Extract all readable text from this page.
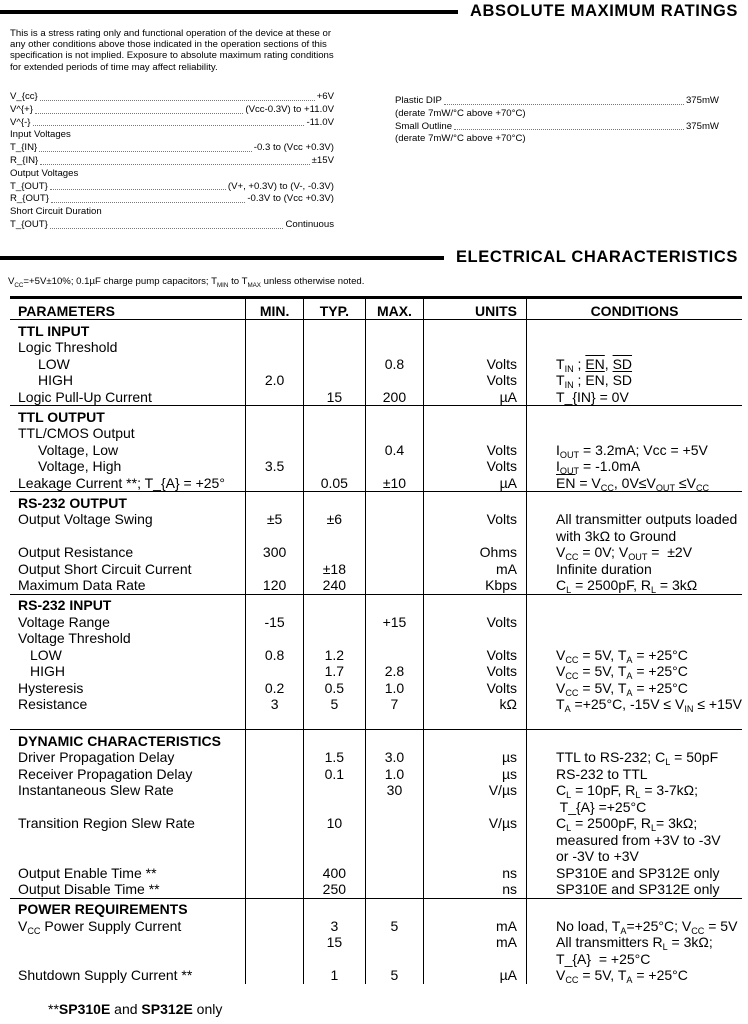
ABSOLUTE MAXIMUM RATINGS
This is a stress rating only and functional operation of the device at these or any other conditions above those indicated in the operation sections of this specification is not implied. Exposure to absolute maximum rating conditions for extended periods of time may affect reliability.
V_{cc}	+6V
V^{+}	(Vcc-0.3V) to +11.0V
V^{-}	-11.0V
Input Voltages
T_{IN}	-0.3 to (Vcc +0.3V)
R_{IN}	±15V
Output Voltages
T_{OUT}	(V+, +0.3V) to (V-, -0.3V)
R_{OUT}	-0.3V to (Vcc +0.3V)
Short Circuit Duration
T_{OUT}	Continuous
Plastic DIP	375mW
(derate 7mW/°C above +70°C)
Small Outline	375mW
(derate 7mW/°C above +70°C)
ELECTRICAL CHARACTERISTICS
$V_{CC}=+5V\pm 10\%$; 0.1µF charge pump capacitors; $T_{MIN}$ to $T_{MAX}$ unless otherwise noted.
PARAMETERS	MIN.	TYP.	MAX.	UNITS	CONDITIONS
TTL INPUT					
Logic Threshold					
LOW			0.8	Volts	$T_{IN}$ ; $\overline{EN}$, $\overline{SD}$
HIGH	2.0			Volts	$T_{IN}$ ; $\overline{EN}$, $\overline{SD}$
Logic Pull-Up Current		15	200	µA	T_{IN} = 0V
TTL OUTPUT					
TTL/CMOS Output					
Voltage, Low			0.4	Volts	$I_{OUT} = 3.2mA$; Vcc = +5V
Voltage, High	3.5			Volts	$I_{OUT} = -1.0mA$
Leakage Current **; T_{A} = +25°		0.05	±10	µA	$\overline{EN} = V_{CC}$, $0V\le V_{OUT} \le V_{CC}$
RS-232 OUTPUT					
Output Voltage Swing	±5	±6		Volts	All transmitter outputs loaded
					with 3kΩ to Ground
Output Resistance	300			Ohms	$V_{CC} = 0V$; $V_{OUT} = \pm 2V$
Output Short Circuit Current		±18		mA	Infinite duration
Maximum Data Rate	120	240		Kbps	$C_L = 2500pF$, $R_L = 3k\Omega$
RS-232 INPUT					
Voltage Range	-15		+15	Volts	
Voltage Threshold					
LOW	0.8	1.2		Volts	$V_{CC} = 5V$, $T_A = +25^\circ C$
HIGH		1.7	2.8	Volts	$V_{CC} = 5V$, $T_A = +25^\circ C$
Hysteresis	0.2	0.5	1.0	Volts	$V_{CC} = 5V$, $T_A = +25^\circ C$
Resistance	3	5	7	kΩ	$T_A =+25^\circ C$, $-15V \le V_{IN} \le +15V$

DYNAMIC CHARACTERISTICS					
Driver Propagation Delay		1.5	3.0	µs	TTL to RS-232; $C_L = 50pF$
Receiver Propagation Delay		0.1	1.0	µs	RS-232 to TTL
Instantaneous Slew Rate			30	V/µs	$C_L = 10pF$, $R_L = 3-7k\Omega$;
					T_{A} =+25°C
Transition Region Slew Rate		10		V/µs	$C_L = 2500pF$, $R_L= 3k\Omega$;
					measured from +3V to -3V
					or -3V to +3V
Output Enable Time **		400		ns	SP310E and SP312E only
Output Disable Time **		250		ns	SP310E and SP312E only
POWER REQUIREMENTS					
$V_{CC}$ Power Supply Current		3	5	mA	No load, $T_A=+25^\circ C$; $V_{CC} = 5V$
		15		mA	All transmitters $R_L = 3k\Omega$;
					T_{A}  = +25°C
Shutdown Supply Current **		1	5	µA	$V_{CC} = 5V$, $T_A = +25^\circ C$
**SP310E and SP312E only
